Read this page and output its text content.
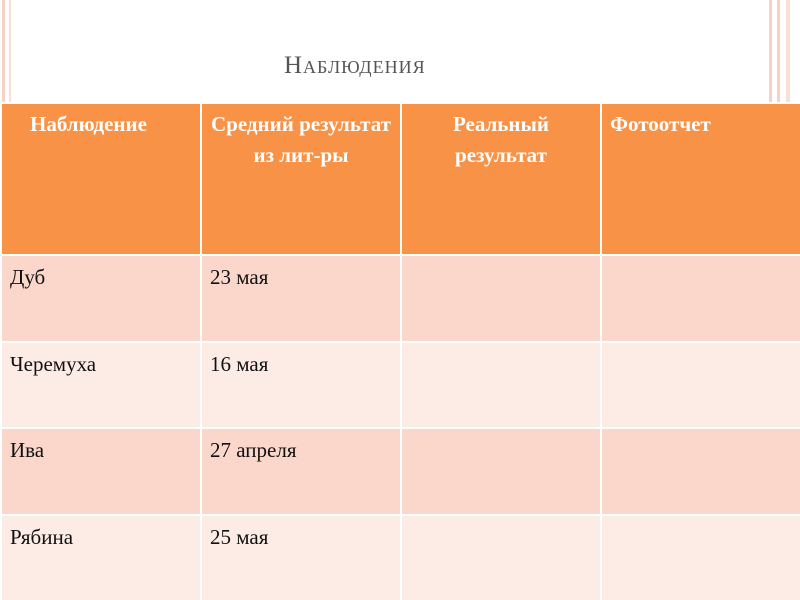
Наблюдения
Наблюдение	Средний результат из лит-ры	Реальный результат	Фотоотчет
Дуб	23 мая		
Черемуха	16 мая		
Ива	27 апреля		
Рябина	25 мая		
